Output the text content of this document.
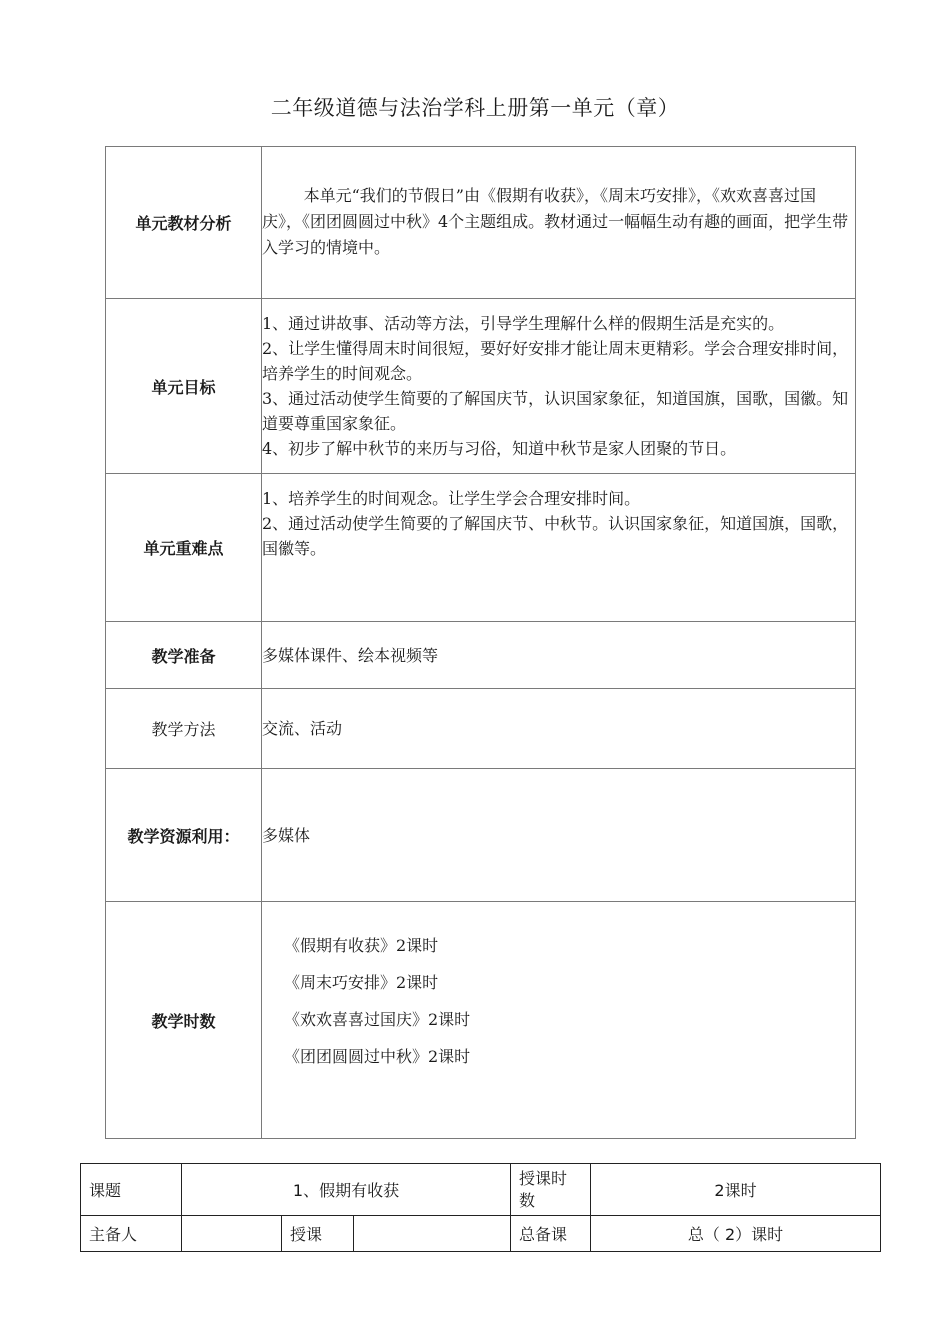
二年级道德与法治学科上册第一单元（章）
单元教材分析	本单元“我们的节假日”由《假期有收获》，《周末巧安排》，《欢欢喜喜过国庆》，《团团圆圆过中秋》4个主题组成。教材通过一幅幅生动有趣的画面，把学生带入学习的情境中。

单元目标	1、通过讲故事、活动等方法，引导学生理解什么样的假期生活是充实的。

2、让学生懂得周末时间很短，要好好安排才能让周末更精彩。学会合理安排时间，培养学生的时间观念。

3、通过活动使学生简要的了解国庆节，认识国家象征，知道国旗，国歌，国徽。知道要尊重国家象征。

4、初步了解中秋节的来历与习俗，知道中秋节是家人团聚的节日。

单元重难点	1、培养学生的时间观念。让学生学会合理安排时间。

2、通过活动使学生简要的了解国庆节、中秋节。认识国家象征，知道国旗，国歌，国徽等。

教学准备	多媒体课件、绘本视频等
教学方法	交流、活动
教学资源利用：	多媒体
教学时数	《假期有收获》2课时

《周末巧安排》2课时

《欢欢喜喜过国庆》2课时

《团团圆圆过中秋》2课时

课题	1、假期有收获			授课时数	2课时
主备人		授课		总备课	总（ 2）课时
